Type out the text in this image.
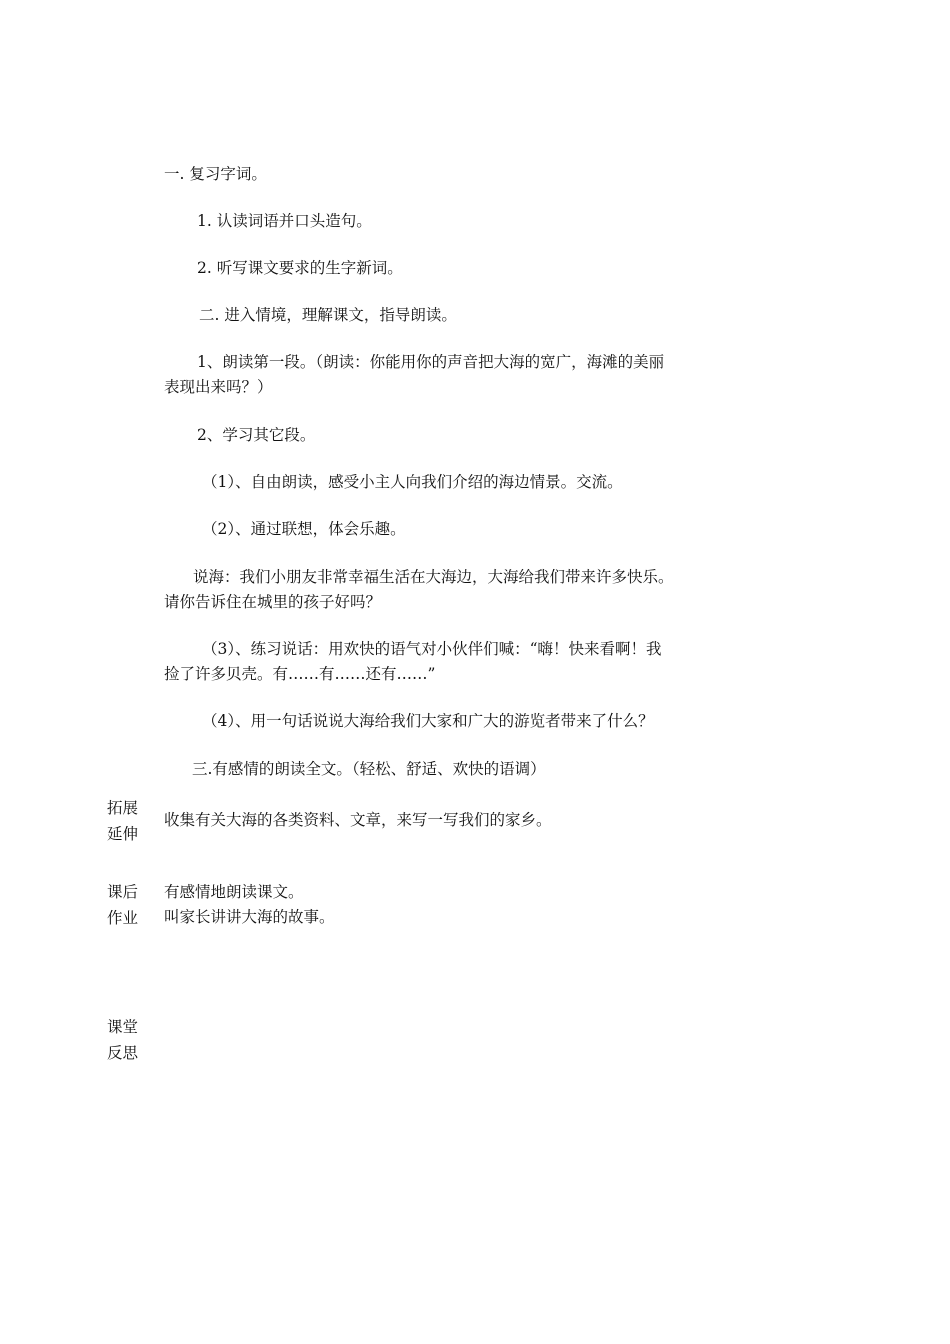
一. 复习字词。
1. 认读词语并口头造句。
2. 听写课文要求的生字新词。
二. 进入情境，理解课文，指导朗读。
1、朗读第一段。（朗读：你能用你的声音把大海的宽广，海滩的美丽
表现出来吗？）
2、学习其它段。
（1）、自由朗读，感受小主人向我们介绍的海边情景。交流。
（2）、通过联想，体会乐趣。
说海：我们小朋友非常幸福生活在大海边，大海给我们带来许多快乐。
请你告诉住在城里的孩子好吗？
（3）、练习说话：用欢快的语气对小伙伴们喊：“嗨！快来看啊！我
捡了许多贝壳。有……有……还有……”
（4）、用一句话说说大海给我们大家和广大的游览者带来了什么？
三.有感情的朗读全文。（轻松、舒适、欢快的语调）
拓展
延伸
收集有关大海的各类资料、文章，来写一写我们的家乡。
课后
作业
有感情地朗读课文。
叫家长讲讲大海的故事。
课堂
反思
